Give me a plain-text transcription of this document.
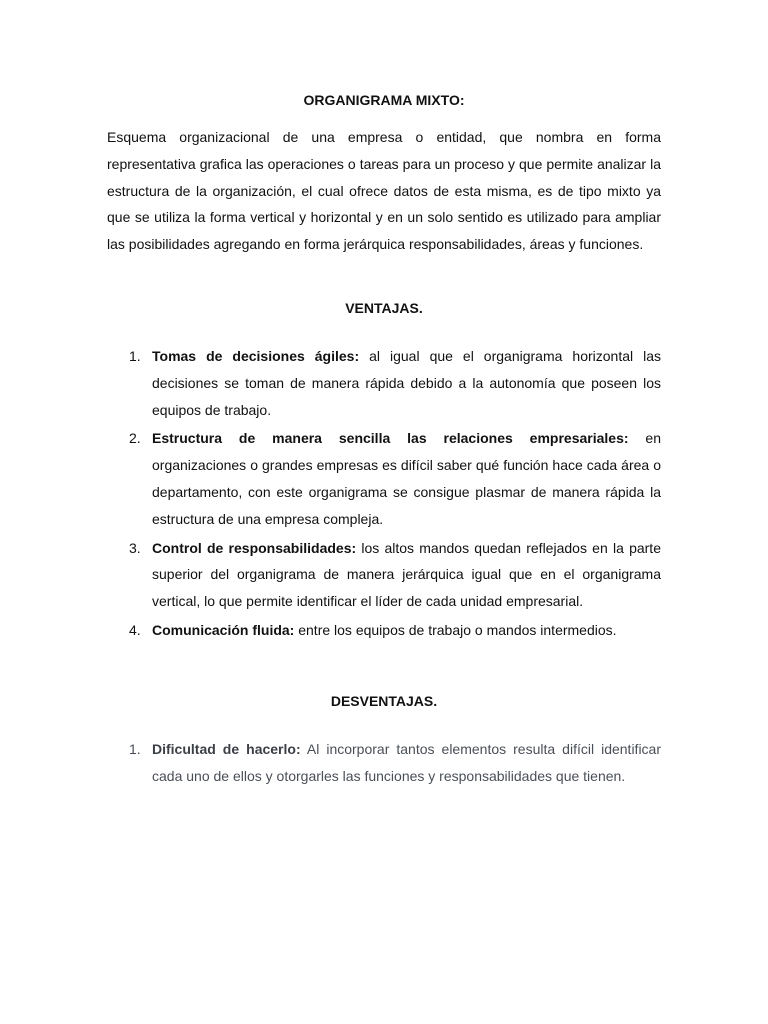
ORGANIGRAMA MIXTO:
Esquema organizacional de una empresa o entidad, que nombra en forma representativa grafica las operaciones o tareas para un proceso y que permite analizar la estructura de la organización, el cual ofrece datos de esta misma, es de tipo mixto ya que se utiliza la forma vertical y horizontal y en un solo sentido es utilizado para ampliar las posibilidades agregando en forma jerárquica responsabilidades, áreas y funciones.
VENTAJAS.
1. Tomas de decisiones ágiles: al igual que el organigrama horizontal las decisiones se toman de manera rápida debido a la autonomía que poseen los equipos de trabajo.
2. Estructura de manera sencilla las relaciones empresariales: en organizaciones o grandes empresas es difícil saber qué función hace cada área o departamento, con este organigrama se consigue plasmar de manera rápida la estructura de una empresa compleja.
3. Control de responsabilidades: los altos mandos quedan reflejados en la parte superior del organigrama de manera jerárquica igual que en el organigrama vertical, lo que permite identificar el líder de cada unidad empresarial.
4. Comunicación fluida: entre los equipos de trabajo o mandos intermedios.
DESVENTAJAS.
1. Dificultad de hacerlo: Al incorporar tantos elementos resulta difícil identificar cada uno de ellos y otorgarles las funciones y responsabilidades que tienen.
